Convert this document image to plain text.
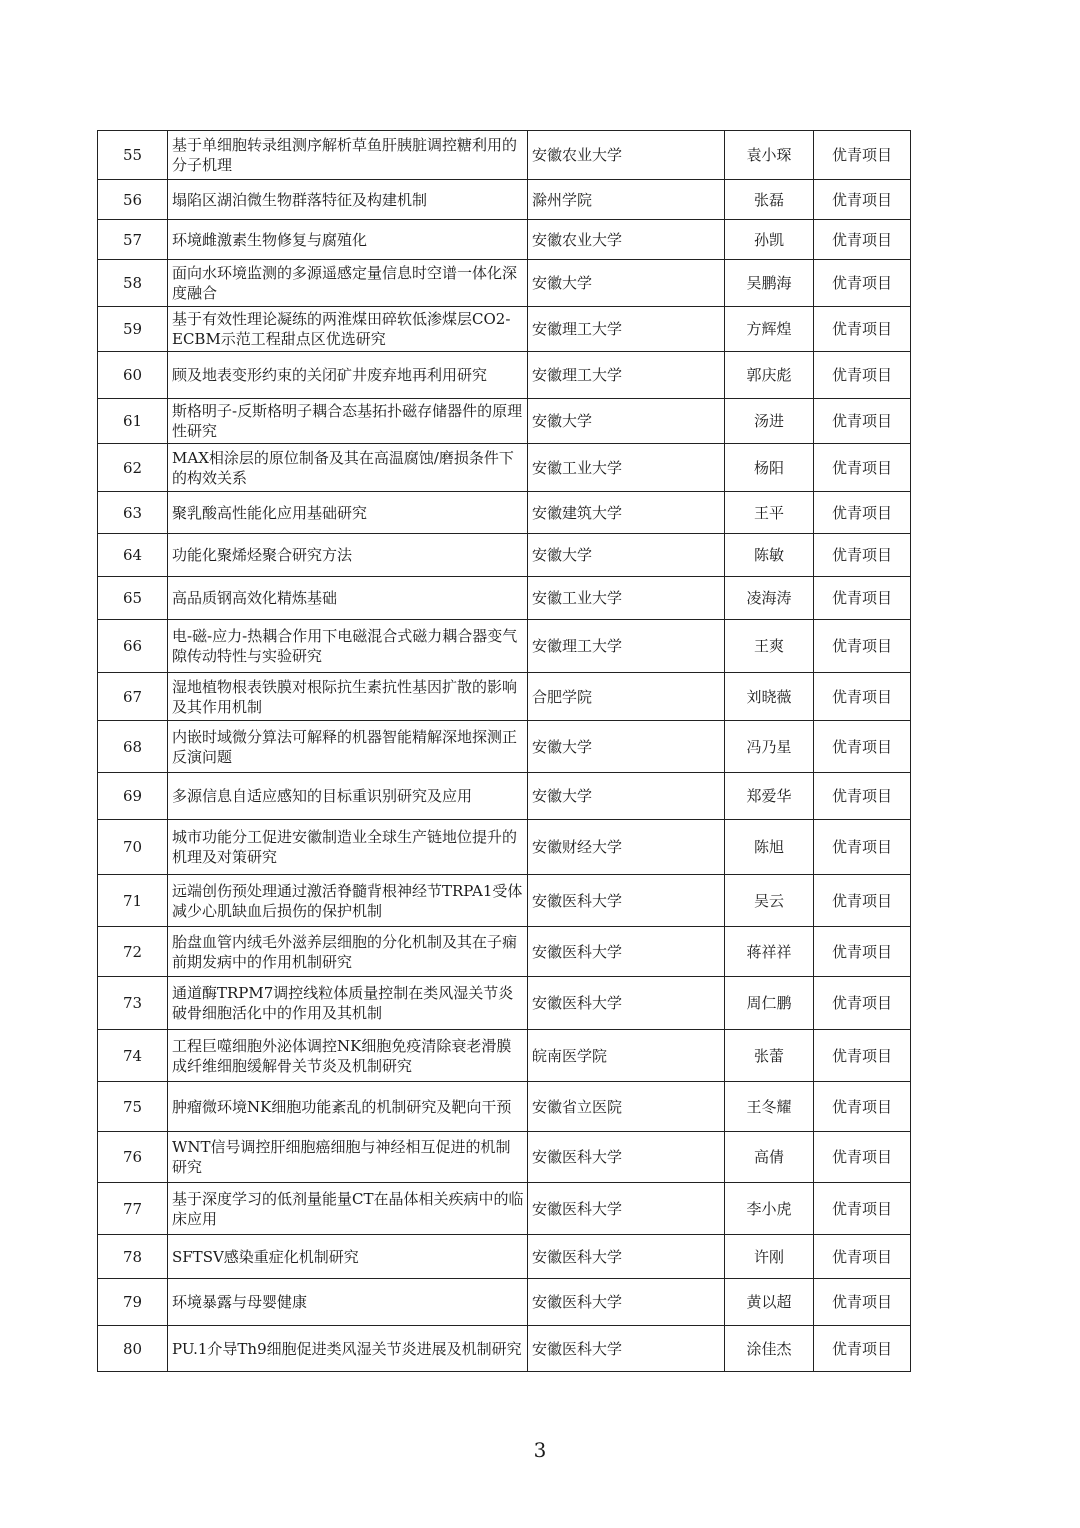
55	基于单细胞转录组测序解析草鱼肝胰脏调控糖利用的分子机理	安徽农业大学	袁小琛	优青项目
56	塌陷区湖泊微生物群落特征及构建机制	滁州学院	张磊	优青项目
57	环境雌激素生物修复与腐殖化	安徽农业大学	孙凯	优青项目
58	面向水环境监测的多源遥感定量信息时空谱一体化深度融合	安徽大学	吴鹏海	优青项目
59	基于有效性理论凝练的两淮煤田碎软低渗煤层CO2-ECBM示范工程甜点区优选研究	安徽理工大学	方辉煌	优青项目
60	顾及地表变形约束的关闭矿井废弃地再利用研究	安徽理工大学	郭庆彪	优青项目
61	斯格明子-反斯格明子耦合态基拓扑磁存储器件的原理性研究	安徽大学	汤进	优青项目
62	MAX相涂层的原位制备及其在高温腐蚀/磨损条件下的构效关系	安徽工业大学	杨阳	优青项目
63	聚乳酸高性能化应用基础研究	安徽建筑大学	王平	优青项目
64	功能化聚烯烃聚合研究方法	安徽大学	陈敏	优青项目
65	高品质钢高效化精炼基础	安徽工业大学	凌海涛	优青项目
66	电-磁-应力-热耦合作用下电磁混合式磁力耦合器变气隙传动特性与实验研究	安徽理工大学	王爽	优青项目
67	湿地植物根表铁膜对根际抗生素抗性基因扩散的影响及其作用机制	合肥学院	刘晓薇	优青项目
68	内嵌时域微分算法可解释的机器智能精解深地探测正反演问题	安徽大学	冯乃星	优青项目
69	多源信息自适应感知的目标重识别研究及应用	安徽大学	郑爱华	优青项目
70	城市功能分工促进安徽制造业全球生产链地位提升的机理及对策研究	安徽财经大学	陈旭	优青项目
71	远端创伤预处理通过激活脊髓背根神经节TRPA1受体减少心肌缺血后损伤的保护机制	安徽医科大学	吴云	优青项目
72	胎盘血管内绒毛外滋养层细胞的分化机制及其在子痫前期发病中的作用机制研究	安徽医科大学	蒋祥祥	优青项目
73	通道酶TRPM7调控线粒体质量控制在类风湿关节炎破骨细胞活化中的作用及其机制	安徽医科大学	周仁鹏	优青项目
74	工程巨噬细胞外泌体调控NK细胞免疫清除衰老滑膜成纤维细胞缓解骨关节炎及机制研究	皖南医学院	张蕾	优青项目
75	肿瘤微环境NK细胞功能紊乱的机制研究及靶向干预	安徽省立医院	王冬耀	优青项目
76	WNT信号调控肝细胞癌细胞与神经相互促进的机制研究	安徽医科大学	高倩	优青项目
77	基于深度学习的低剂量能量CT在晶体相关疾病中的临床应用	安徽医科大学	李小虎	优青项目
78	SFTSV感染重症化机制研究	安徽医科大学	许刚	优青项目
79	环境暴露与母婴健康	安徽医科大学	黄以超	优青项目
80	PU.1介导Th9细胞促进类风湿关节炎进展及机制研究	安徽医科大学	涂佳杰	优青项目
3
